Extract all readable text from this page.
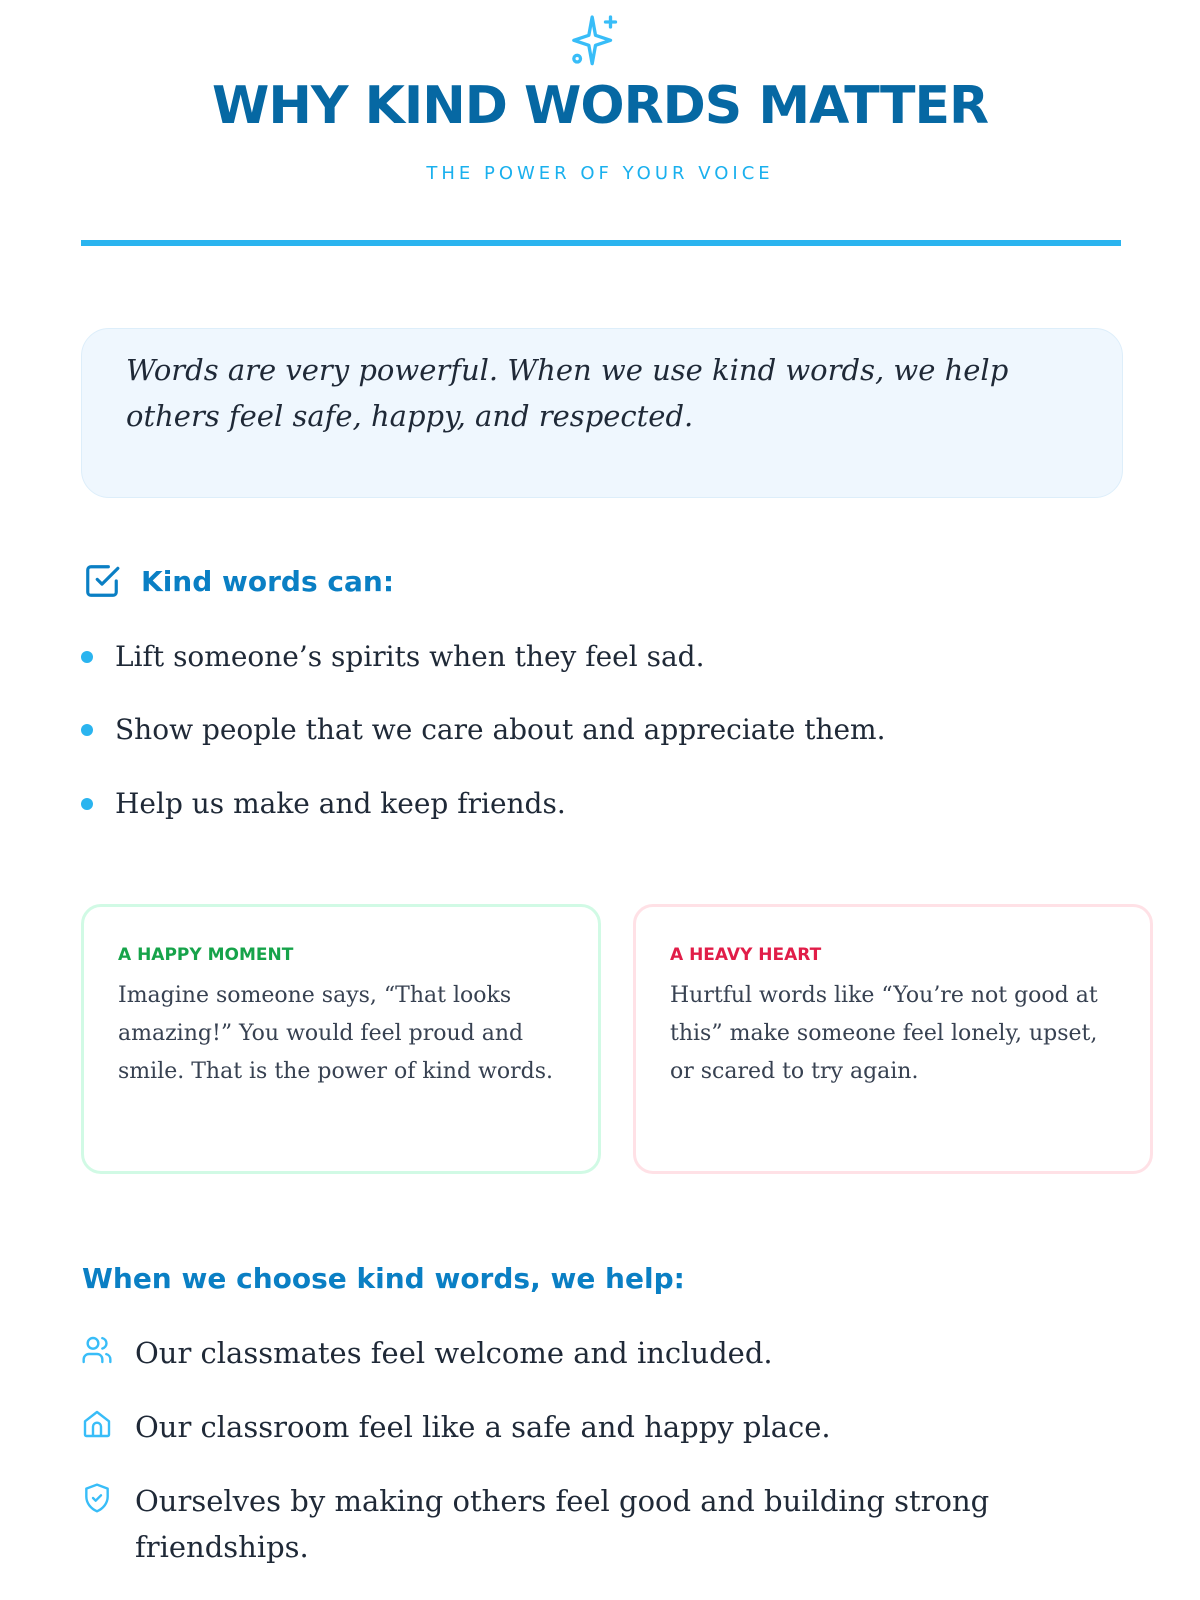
WHY KIND WORDS MATTER
THE POWER OF YOUR VOICE
Words are very powerful. When we use kind words, we help others feel safe, happy, and respected.
Kind words can:
Lift someone’s spirits when they feel sad.
Show people that we care about and appreciate them.
Help us make and keep friends.
A HAPPY MOMENT
Imagine someone says, “That looks amazing!” You would feel proud and smile. That is the power of kind words.
A HEAVY HEART
Hurtful words like “You’re not good at this” make someone feel lonely, upset, or scared to try again.
When we choose kind words, we help:
Our classmates feel welcome and included.
Our classroom feel like a safe and happy place.
Ourselves by making others feel good and building strong friendships.
